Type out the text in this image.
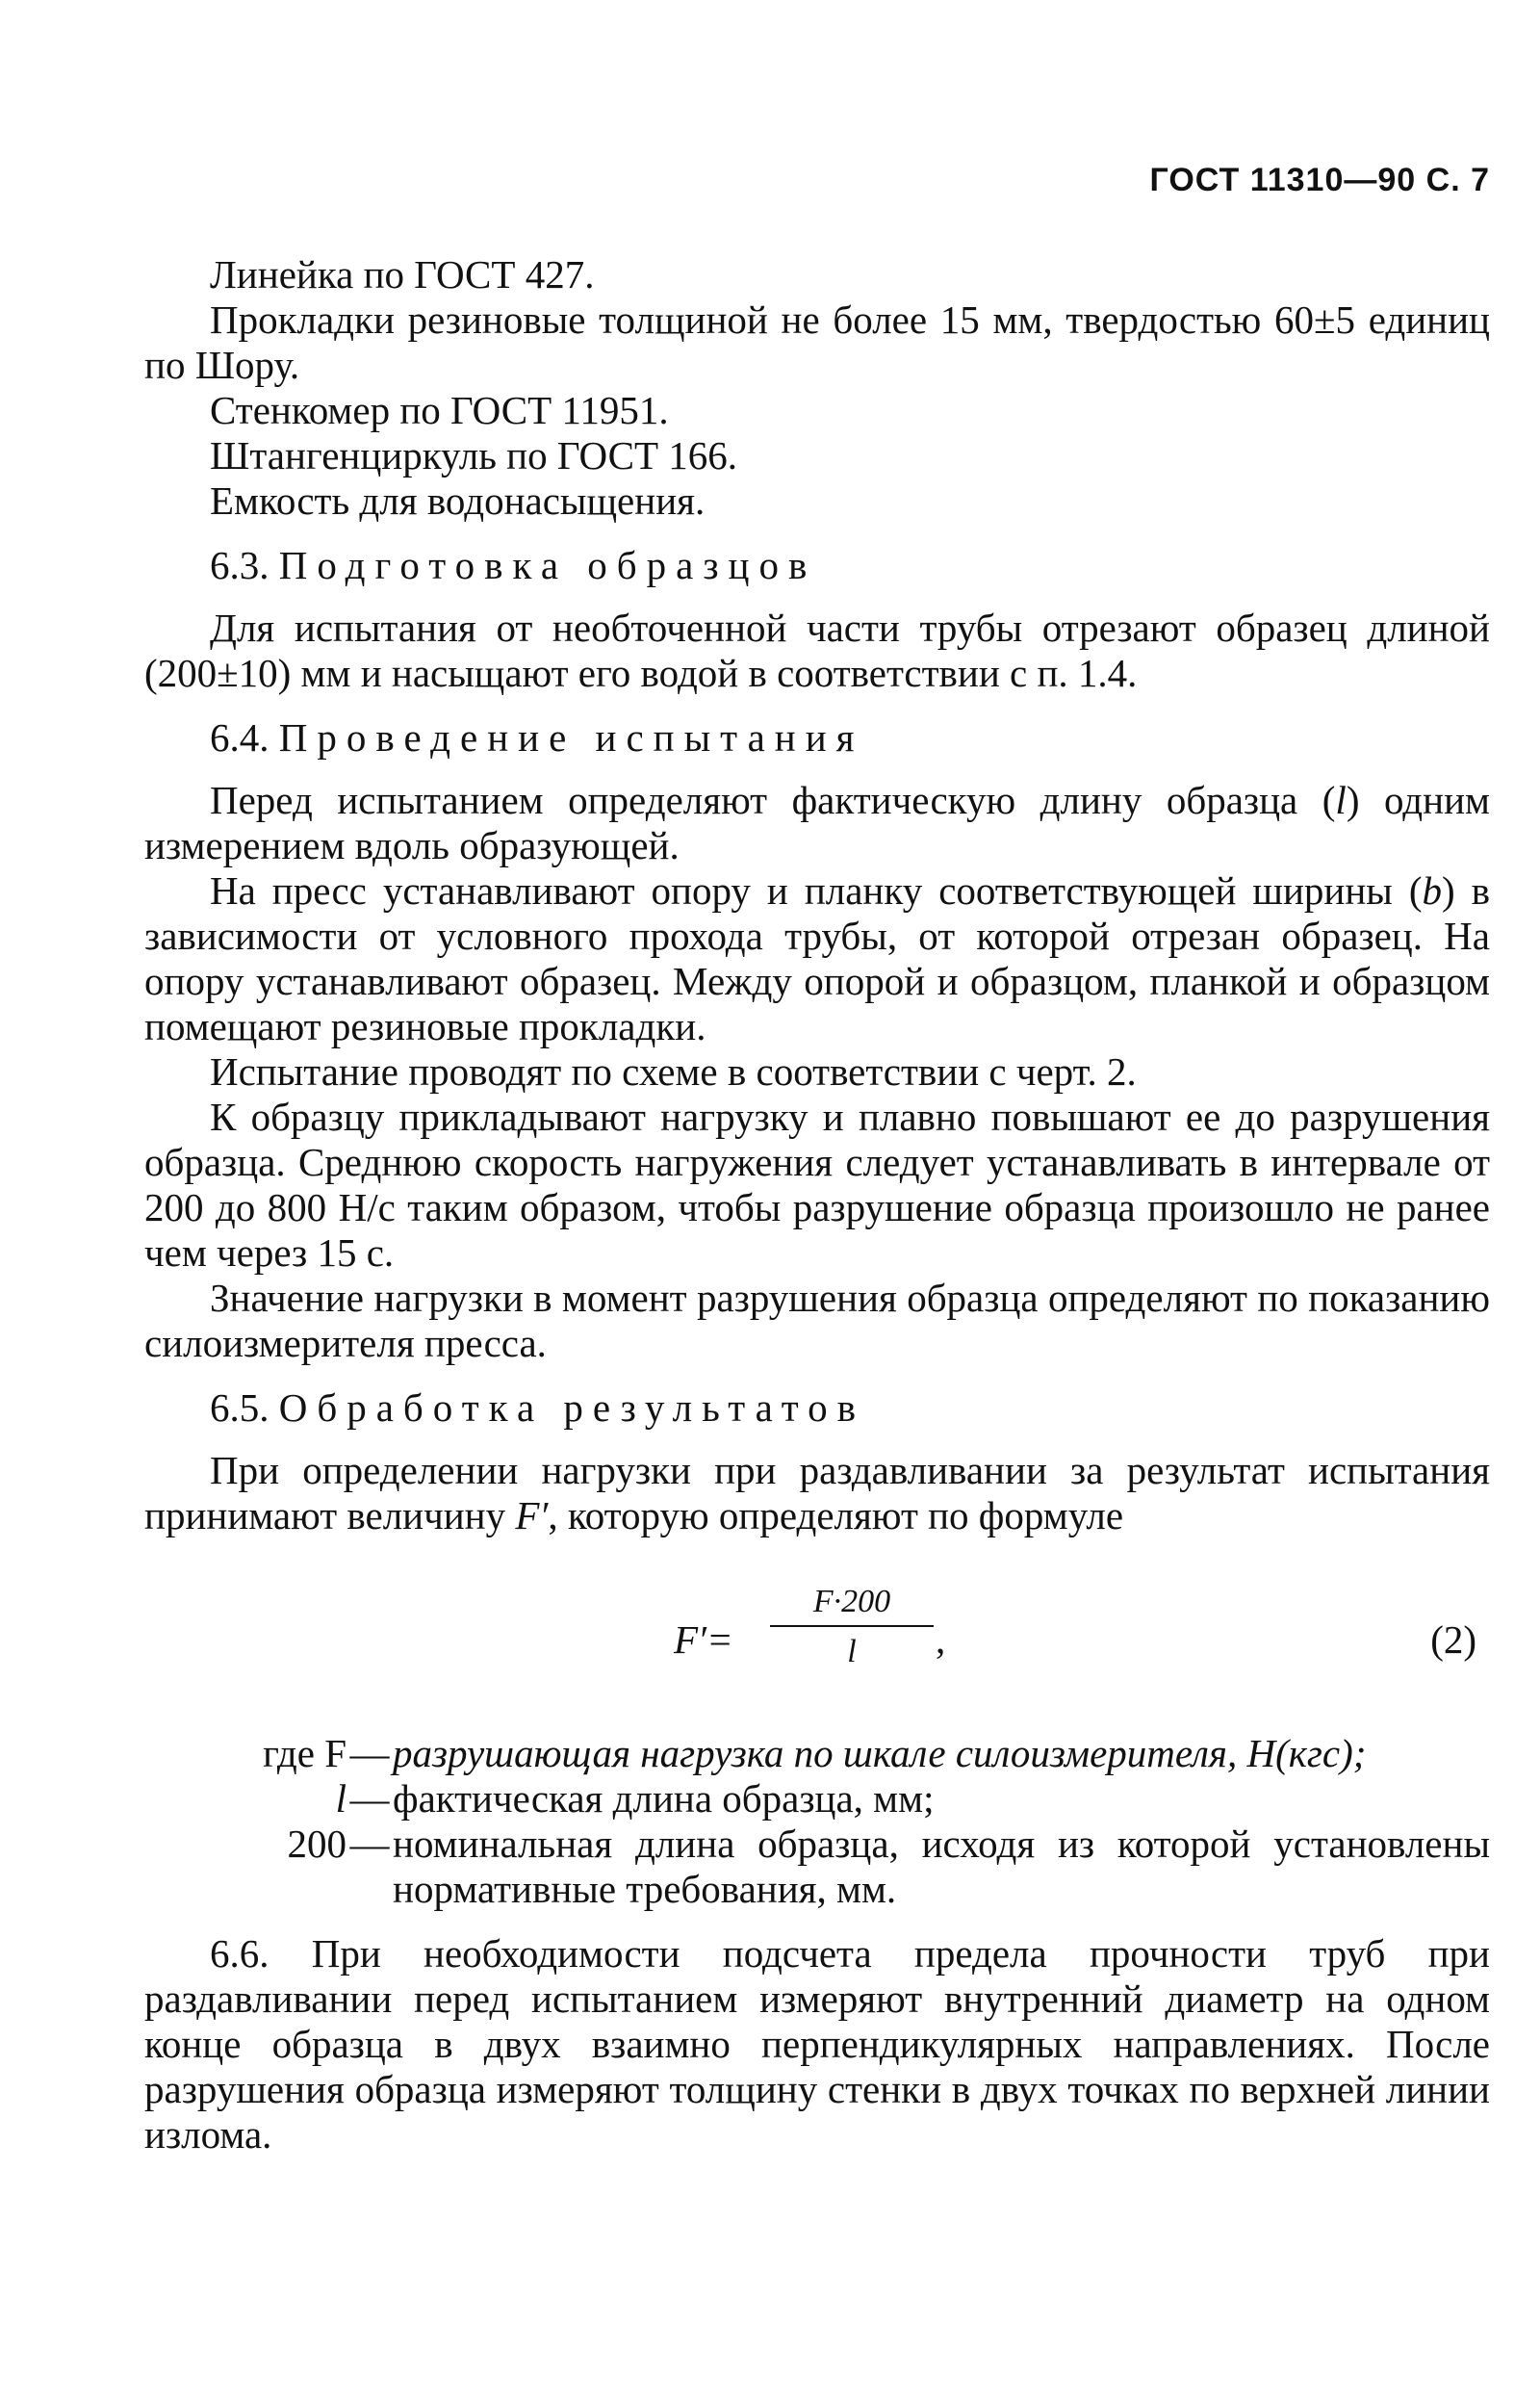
ГОСТ 11310—90 С. 7

Линейка по ГОСТ 427.

Прокладки резиновые толщиной не более 15 мм, твердостью 60±5 единиц по Шору.

Стенкомер по ГОСТ 11951.

Штангенциркуль по ГОСТ 166.

Емкость для водонасыщения.

6.3. Подготовка образцов

Для испытания от необточенной части трубы отрезают образец длиной (200±10) мм и насыщают его водой в соответствии с п. 1.4.

6.4. Проведение испытания

Перед испытанием определяют фактическую длину образца (l) одним измерением вдоль образующей.

На пресс устанавливают опору и планку соответствующей ширины (b) в зависимости от условного прохода трубы, от которой отрезан образец. На опору устанавливают образец. Между опорой и образцом, планкой и образцом помещают резиновые прокладки.

Испытание проводят по схеме в соответствии с черт. 2.

К образцу прикладывают нагрузку и плавно повышают ее до разрушения образца. Среднюю скорость нагружения следует устанавливать в интервале от 200 до 800 Н/с таким образом, чтобы разрушение образца произошло не ранее чем через 15 с.

Значение нагрузки в момент разрушения образца определяют по показанию силоизмерителя пресса.

6.5. Обработка результатов

При определении нагрузки при раздавливании за результат испытания принимают величину F′, которую определяют по формуле

F′=
F·200
l	,	(2)
где F — разрушающая нагрузка по шкале силоизмерителя, Н(кгс);
l — фактическая длина образца, мм;
200 — номинальная длина образца, исходя из которой установлены нормативные требования, мм.

6.6. При необходимости подсчета предела прочности труб при раздавливании перед испытанием измеряют внутренний диаметр на одном конце образца в двух взаимно перпендикулярных направлениях. После разрушения образца измеряют толщину стенки в двух точках по верхней линии излома.
